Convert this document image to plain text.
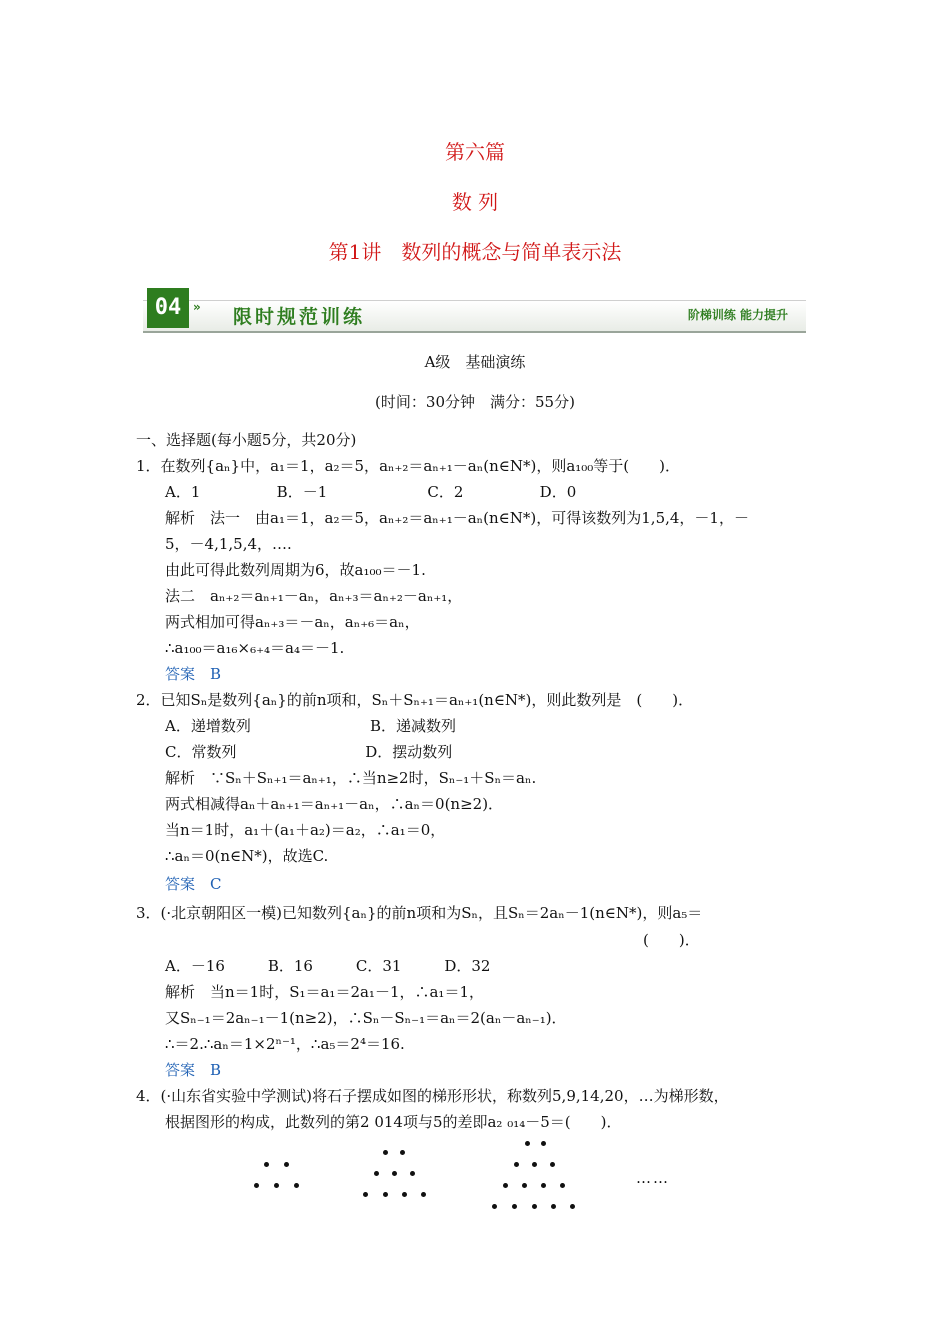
第六篇
数 列
第1讲　数列的概念与简单表示法
04 » 限时规范训练	阶梯训练 能力提升
A级　基础演练
(时间：30分钟　满分：55分)
一、选择题(每小题5分，共20分)
1．在数列{aₙ}中，a₁＝1，a₂＝5，aₙ₊₂＝aₙ₊₁－aₙ(n∈N*)，则a₁₀₀等于(　　)．
A．1                B．－1                     C．2                D．0
解析　法一　由a₁＝1，a₂＝5，aₙ₊₂＝aₙ₊₁－aₙ(n∈N*)，可得该数列为1,5,4，－1，－
5，－4,1,5,4，….
由此可得此数列周期为6，故a₁₀₀＝－1.
法二　aₙ₊₂＝aₙ₊₁－aₙ，aₙ₊₃＝aₙ₊₂－aₙ₊₁，
两式相加可得aₙ₊₃＝－aₙ，aₙ₊₆＝aₙ，
∴a₁₀₀＝a₁₆×₆₊₄＝a₄＝－1.
答案　B
2．已知Sₙ是数列{aₙ}的前n项和，Sₙ＋Sₙ₊₁＝aₙ₊₁(n∈N*)，则此数列是　(　　)．
A．递增数列                         B．递减数列
C．常数列                           D．摆动数列
解析　∵Sₙ＋Sₙ₊₁＝aₙ₊₁，∴当n≥2时，Sₙ₋₁＋Sₙ＝aₙ.
两式相减得aₙ＋aₙ₊₁＝aₙ₊₁－aₙ，∴aₙ＝0(n≥2)．
当n＝1时，a₁＋(a₁＋a₂)＝a₂，∴a₁＝0，
∴aₙ＝0(n∈N*)，故选C.
答案　C
3．(·北京朝阳区一模)已知数列{aₙ}的前n项和为Sₙ，且Sₙ＝2aₙ－1(n∈N*)，则a₅＝
(　　)．
A．－16         B．16         C．31         D．32
解析　当n＝1时，S₁＝a₁＝2a₁－1，∴a₁＝1，
又Sₙ₋₁＝2aₙ₋₁－1(n≥2)，∴Sₙ－Sₙ₋₁＝aₙ＝2(aₙ－aₙ₋₁)．
∴＝2.∴aₙ＝1×2ⁿ⁻¹，∴a₅＝2⁴＝16.
答案　B
4．(·山东省实验中学测试)将石子摆成如图的梯形形状，称数列5,9,14,20，…为梯形数，
根据图形的构成，此数列的第2 014项与5的差即a₂ ₀₁₄－5＝(　　)．
……
